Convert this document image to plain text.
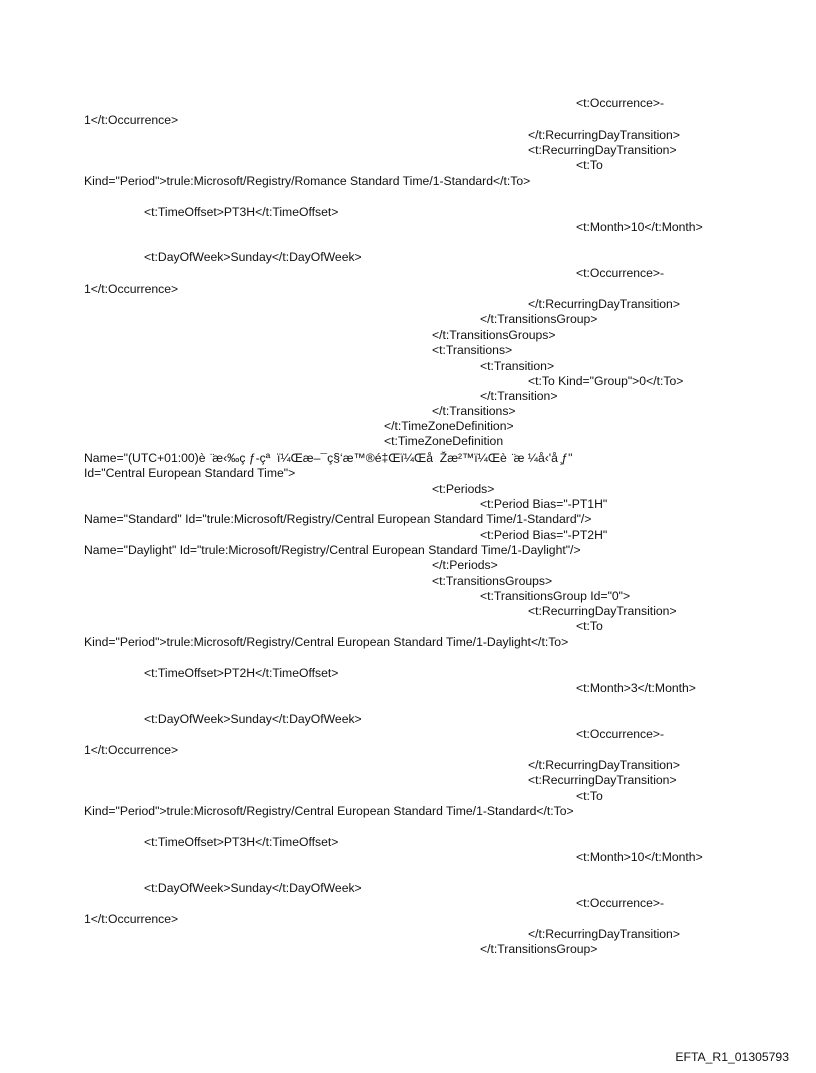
<t:Occurrence>-
1</t:Occurrence>
</t:RecurringDayTransition>
<t:RecurringDayTransition>
<t:To
Kind="Period">trule:Microsoft/Registry/Romance Standard Time/1-Standard</t:To>
<t:TimeOffset>PT3H</t:TimeOffset>
<t:Month>10</t:Month>
<t:DayOfWeek>Sunday</t:DayOfWeek>
<t:Occurrence>-
1</t:Occurrence>
</t:RecurringDayTransition>
</t:TransitionsGroup>
</t:TransitionsGroups>
<t:Transitions>
<t:Transition>
<t:To Kind="Group">0</t:To>
</t:Transition>
</t:Transitions>
</t:TimeZoneDefinition>
<t:TimeZoneDefinition
Name="(UTC+01:00)è  ̈æ‹‰ç ƒ-çª  ï¼Œæ–¯ç§‘æ™®é‡Œï¼Œå  Žæ²™ï¼Œè  ̈æ ¼å‹'å ̧ƒ"
Id="Central European Standard Time">
<t:Periods>
<t:Period Bias="-PT1H"
Name="Standard" Id="trule:Microsoft/Registry/Central European Standard Time/1-Standard"/>
<t:Period Bias="-PT2H"
Name="Daylight" Id="trule:Microsoft/Registry/Central European Standard Time/1-Daylight"/>
</t:Periods>
<t:TransitionsGroups>
<t:TransitionsGroup Id="0">
<t:RecurringDayTransition>
<t:To
Kind="Period">trule:Microsoft/Registry/Central European Standard Time/1-Daylight</t:To>
<t:TimeOffset>PT2H</t:TimeOffset>
<t:Month>3</t:Month>
<t:DayOfWeek>Sunday</t:DayOfWeek>
<t:Occurrence>-
1</t:Occurrence>
</t:RecurringDayTransition>
<t:RecurringDayTransition>
<t:To
Kind="Period">trule:Microsoft/Registry/Central European Standard Time/1-Standard</t:To>
<t:TimeOffset>PT3H</t:TimeOffset>
<t:Month>10</t:Month>
<t:DayOfWeek>Sunday</t:DayOfWeek>
<t:Occurrence>-
1</t:Occurrence>
</t:RecurringDayTransition>
</t:TransitionsGroup>
EFTA_R1_01305793
